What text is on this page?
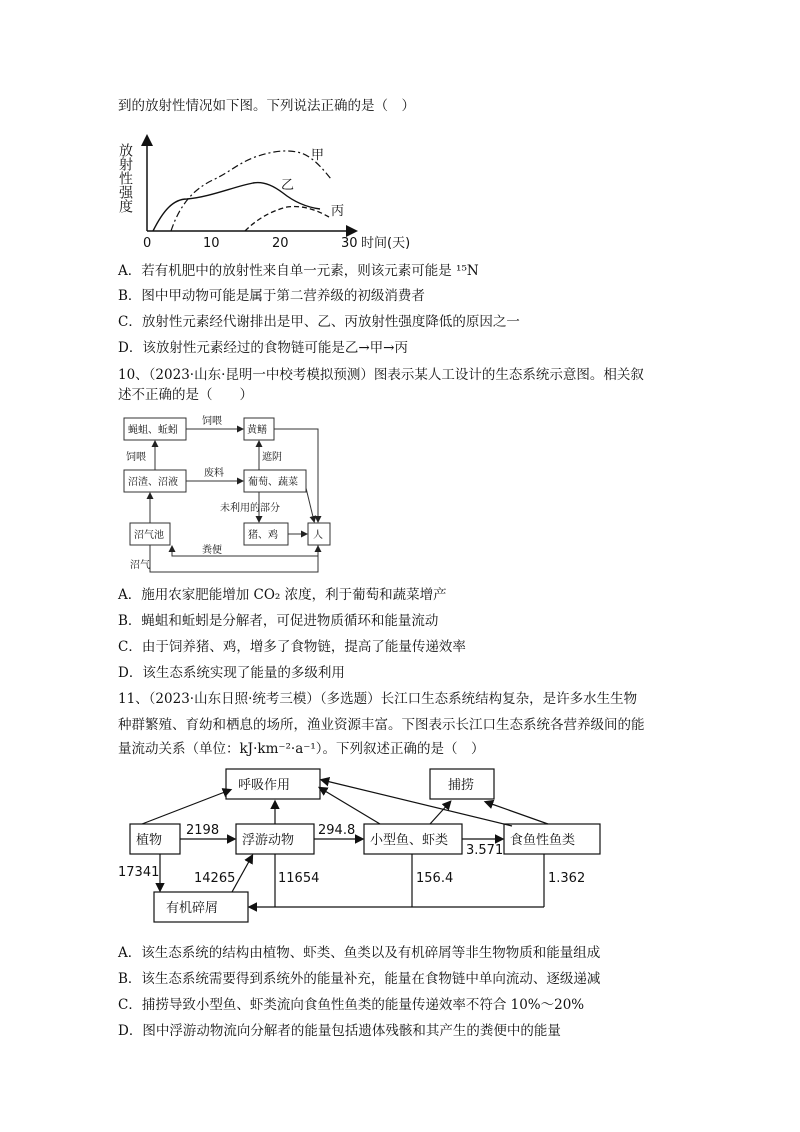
到的放射性情况如下图。下列说法正确的是（　）
放射性强度
0	10	20	30 时间(天)
甲
乙
丙
A．若有机肥中的放射性来自单一元素，则该元素可能是 ¹⁵N
B．图中甲动物可能是属于第二营养级的初级消费者
C．放射性元素经代谢排出是甲、乙、丙放射性强度降低的原因之一
D．该放射性元素经过的食物链可能是乙→甲→丙
10、（2023·山东·昆明一中校考模拟预测）图表示某人工设计的生态系统示意图。相关叙
述不正确的是（　　）
蝇蛆、蚯蚓	黄鳝
沼渣、沼液	葡萄、蔬菜
沼气池	猪、鸡	人
饲喂
饲喂	遮阴
废料
未利用的部分
粪便
沼气
A．施用农家肥能增加 CO₂ 浓度，利于葡萄和蔬菜增产
B．蝇蛆和蚯蚓是分解者，可促进物质循环和能量流动
C．由于饲养猪、鸡，增多了食物链，提高了能量传递效率
D．该生态系统实现了能量的多级利用
11、（2023·山东日照·统考三模）（多选题）长江口生态系统结构复杂，是许多水生生物
种群繁殖、育幼和栖息的场所，渔业资源丰富。下图表示长江口生态系统各营养级间的能
量流动关系（单位：kJ·km⁻²·a⁻¹）。下列叙述正确的是（　）
呼吸作用	捕捞
植物	浮游动物	小型鱼、虾类	食鱼性鱼类
有机碎屑
2198	294.8
3.571
17341	14265	11654	156.4	1.362
A．该生态系统的结构由植物、虾类、鱼类以及有机碎屑等非生物物质和能量组成
B．该生态系统需要得到系统外的能量补充，能量在食物链中单向流动、逐级递减
C．捕捞导致小型鱼、虾类流向食鱼性鱼类的能量传递效率不符合 10%～20%
D．图中浮游动物流向分解者的能量包括遗体残骸和其产生的粪便中的能量
